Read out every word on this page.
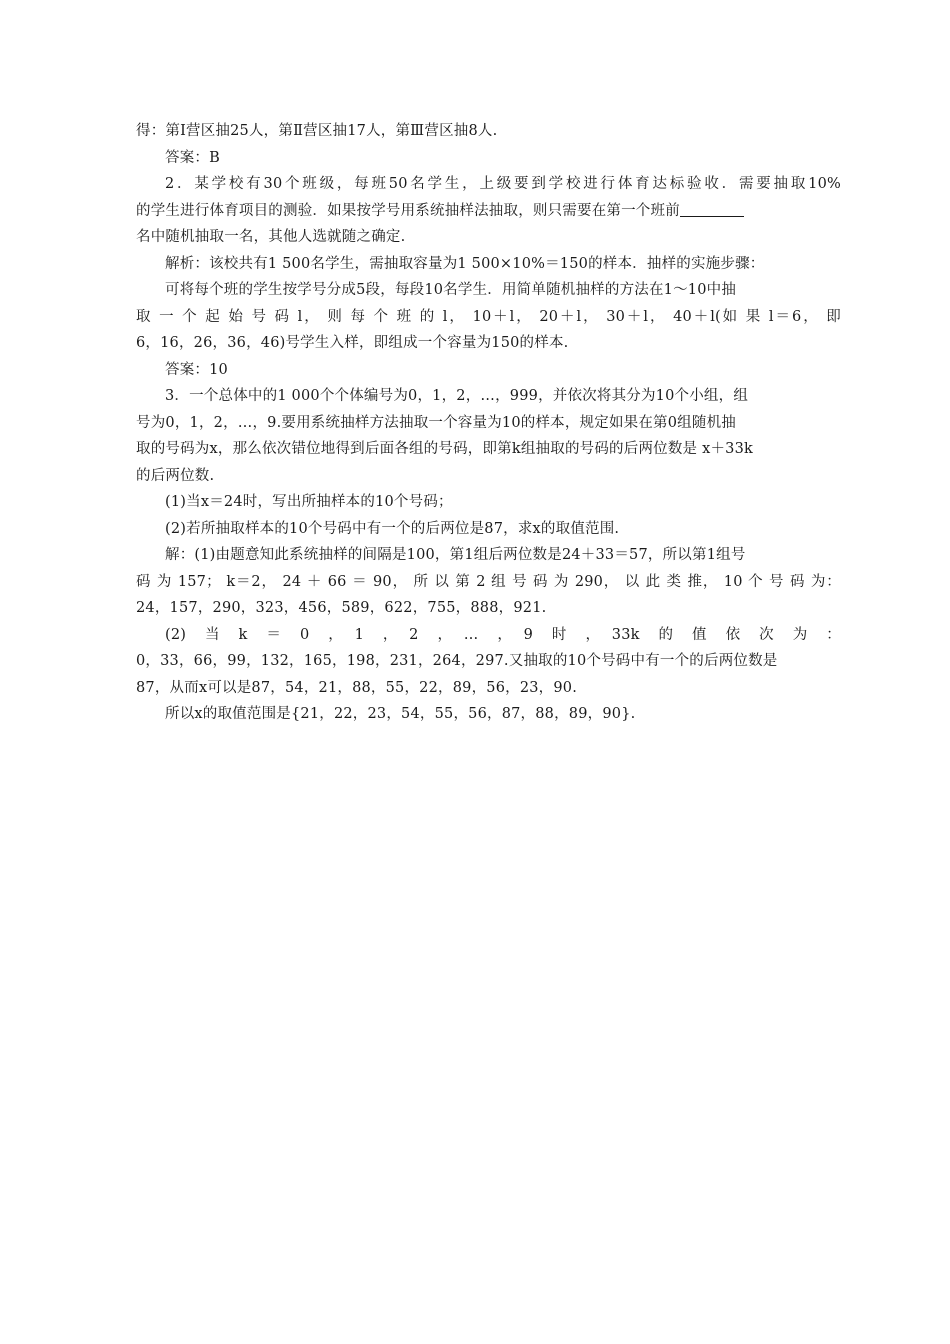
得：第Ⅰ营区抽25人，第Ⅱ营区抽17人，第Ⅲ营区抽8人.
答案：B
2．某学校有30个班级，每班50名学生，上级要到学校进行体育达标验收．需要抽取10%
的学生进行体育项目的测验．如果按学号用系统抽样法抽取，则只需要在第一个班前
名中随机抽取一名，其他人选就随之确定.
解析：该校共有1 500名学生，需抽取容量为1 500×10%＝150的样本．抽样的实施步骤：
可将每个班的学生按学号分成5段，每段10名学生．用简单随机抽样的方法在1～10中抽
取 一 个 起 始 号 码 l， 则 每 个 班 的 l， 10＋l， 20＋l， 30＋l， 40＋l(如 果 l＝6， 即
6，16，26，36，46)号学生入样，即组成一个容量为150的样本.
答案：10
3．一个总体中的1 000个个体编号为0，1，2，…，999，并依次将其分为10个小组，组
号为0，1，2，…，9.要用系统抽样方法抽取一个容量为10的样本，规定如果在第0组随机抽
取的号码为x，那么依次错位地得到后面各组的号码，即第k组抽取的号码的后两位数是 x＋33k
的后两位数.
(1)当x＝24时，写出所抽样本的10个号码；
(2)若所抽取样本的10个号码中有一个的后两位是87，求x的取值范围.
解：(1)由题意知此系统抽样的间隔是100，第1组后两位数是24＋33＝57，所以第1组号
码 为 157； k＝2， 24 ＋ 66 ＝ 90， 所 以 第 2 组 号 码 为 290， 以 此 类 推， 10 个 号 码 为：
24，157，290，323，456，589，622，755，888，921.
(2)　当　k　＝　0　，　1　，　2　，　…　，　9　时　，　33k　的　值　依　次　为　：
0，33，66，99，132，165，198，231，264，297.又抽取的10个号码中有一个的后两位数是
87，从而x可以是87，54，21，88，55，22，89，56，23，90.
所以x的取值范围是{21，22，23，54，55，56，87，88，89，90}.
